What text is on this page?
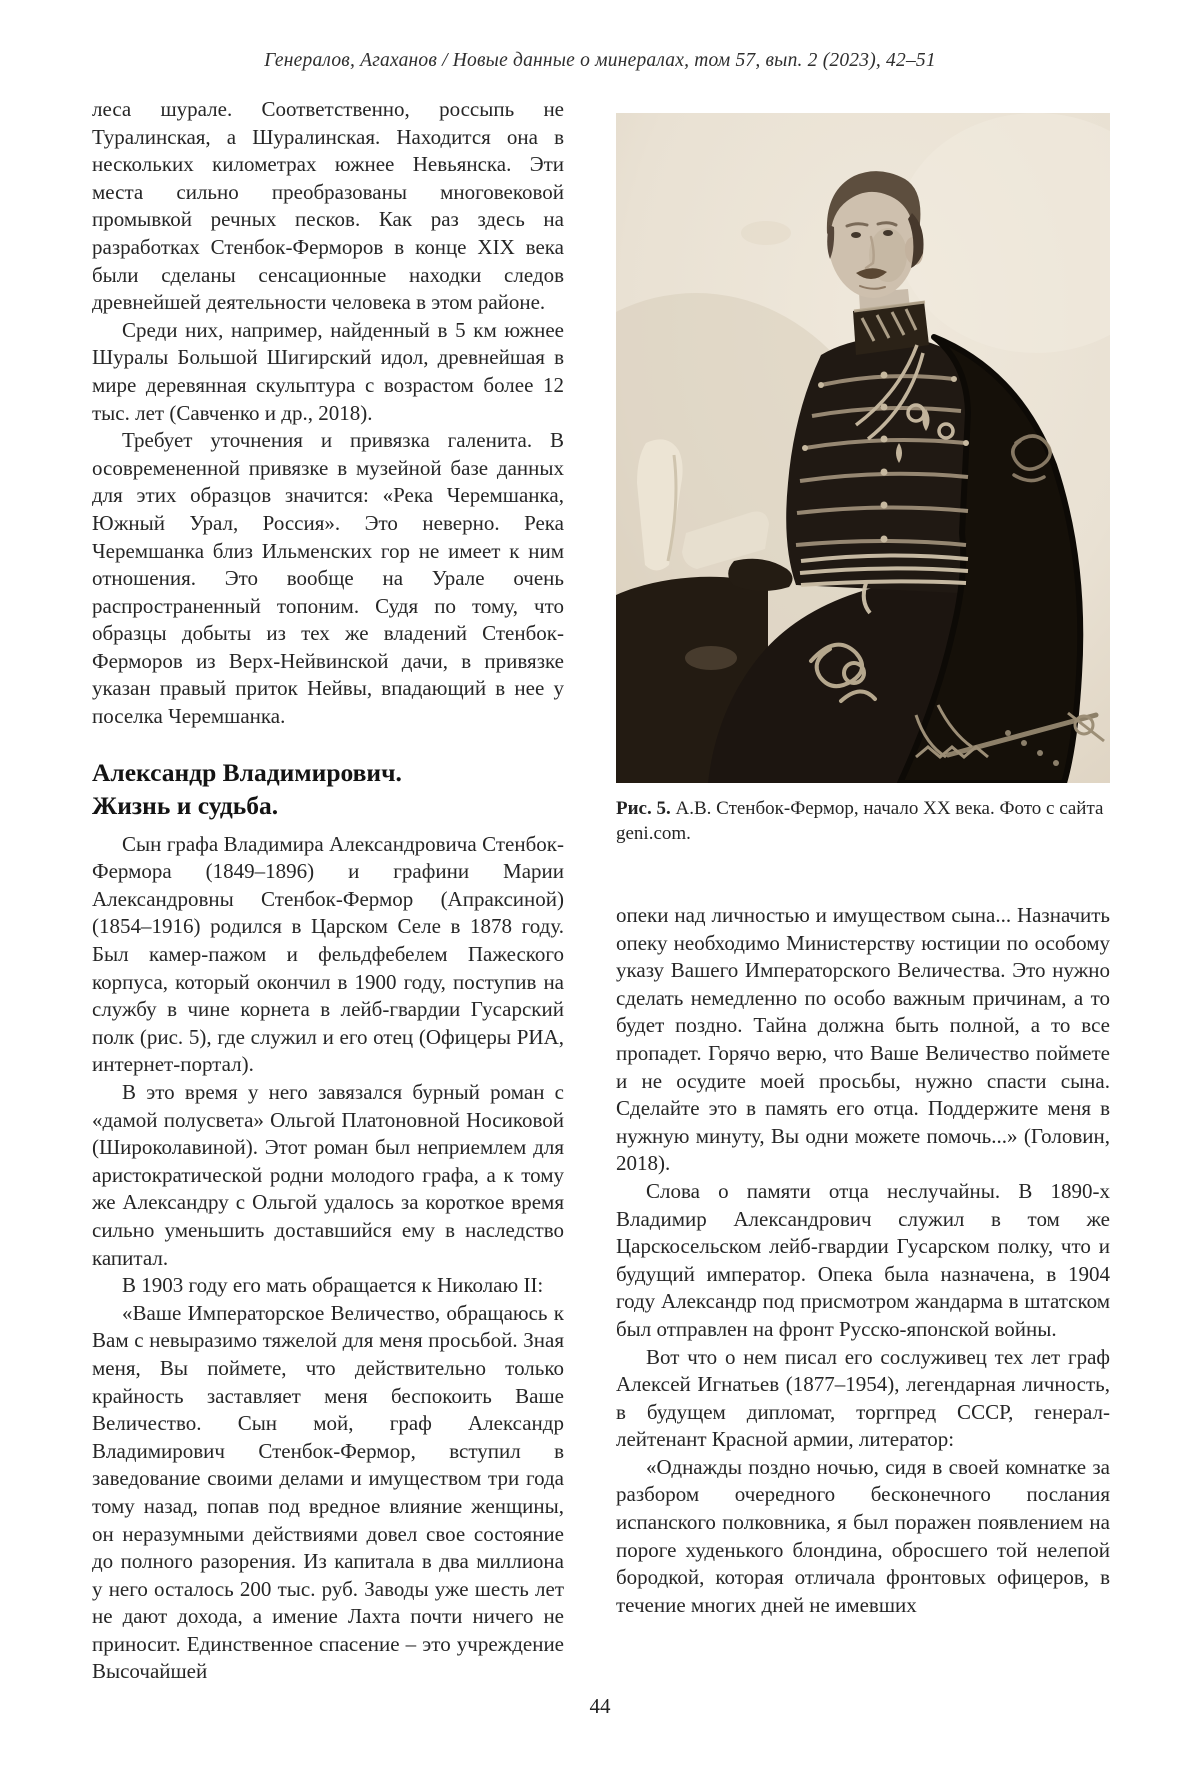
Генералов, Агаханов / Новые данные о минералах, том 57, вып. 2 (2023), 42–51

леса шурале. Соответственно, россыпь не Туралинская, а Шуралинская. Находится она в нескольких километрах южнее Невьянска. Эти места сильно преобразованы многовековой промывкой речных песков. Как раз здесь на разработках Стенбок-Ферморов в конце XIX века были сделаны сенсационные находки следов древнейшей деятельности человека в этом районе.

Среди них, например, найденный в 5 км южнее Шуралы Большой Шигирский идол, древнейшая в мире деревянная скульптура с возрастом более 12 тыс. лет (Савченко и др., 2018).

Требует уточнения и привязка галенита. В осовремененной привязке в музейной базе данных для этих образцов значится: «Река Черемшанка, Южный Урал, Россия». Это неверно. Река Черемшанка близ Ильменских гор не имеет к ним отношения. Это вообще на Урале очень распространенный топоним. Судя по тому, что образцы добыты из тех же владений Стенбок-Ферморов из Верх-Нейвинской дачи, в привязке указан правый приток Нейвы, впадающий в нее у поселка Черемшанка.

Александр Владимирович.
Жизнь и судьба.

Сын графа Владимира Александровича Стенбок-Фермора (1849–1896) и графини Марии Александровны Стенбок-Фермор (Апраксиной) (1854–1916) родился в Царском Селе в 1878 году. Был камер-пажом и фельдфебелем Пажеского корпуса, который окончил в 1900 году, поступив на службу в чине корнета в лейб-гвардии Гусарский полк (рис. 5), где служил и его отец (Офицеры РИА, интернет-портал).

В это время у него завязался бурный роман с «дамой полусвета» Ольгой Платоновной Носиковой (Широколавиной). Этот роман был неприемлем для аристократической родни молодого графа, а к тому же Александру с Ольгой удалось за короткое время сильно уменьшить доставшийся ему в наследство капитал.

В 1903 году его мать обращается к Николаю II:

«Ваше Императорское Величество, обращаюсь к Вам с невыразимо тяжелой для меня просьбой. Зная меня, Вы поймете, что действительно только крайность заставляет меня беспокоить Ваше Величество. Сын мой, граф Александр Владимирович Стенбок-Фермор, вступил в заведование своими делами и имуществом три года тому назад, попав под вредное влияние женщины, он неразумными действиями довел свое состояние до полного разорения. Из капитала в два миллиона у него осталось 200 тыс. руб. Заводы уже шесть лет не дают дохода, а имение Лахта почти ничего не приносит. Единственное спасение – это учреждение Высочайшей

Рис. 5. А.В. Стенбок-Фермор, начало XX века. Фото с сайта geni.com.

опеки над личностью и имуществом сына... Назначить опеку необходимо Министерству юстиции по особому указу Вашего Императорского Величества. Это нужно сделать немедленно по особо важным причинам, а то будет поздно. Тайна должна быть полной, а то все пропадет. Горячо верю, что Ваше Величество поймете и не осудите моей просьбы, нужно спасти сына. Сделайте это в память его отца. Поддержите меня в нужную минуту, Вы одни можете помочь...» (Головин, 2018).

Слова о памяти отца неслучайны. В 1890-х Владимир Александрович служил в том же Царскосельском лейб-гвардии Гусарском полку, что и будущий император. Опека была назначена, в 1904 году Александр под присмотром жандарма в штатском был отправлен на фронт Русско-японской войны.

Вот что о нем писал его сослуживец тех лет граф Алексей Игнатьев (1877–1954), легендарная личность, в будущем дипломат, торгпред СССР, генерал-лейтенант Красной армии, литератор:

«Однажды поздно ночью, сидя в своей комнатке за разбором очередного бесконечного послания испанского полковника, я был поражен появлением на пороге худенького блондина, обросшего той нелепой бородкой, которая отличала фронтовых офицеров, в течение многих дней не имевших

44
